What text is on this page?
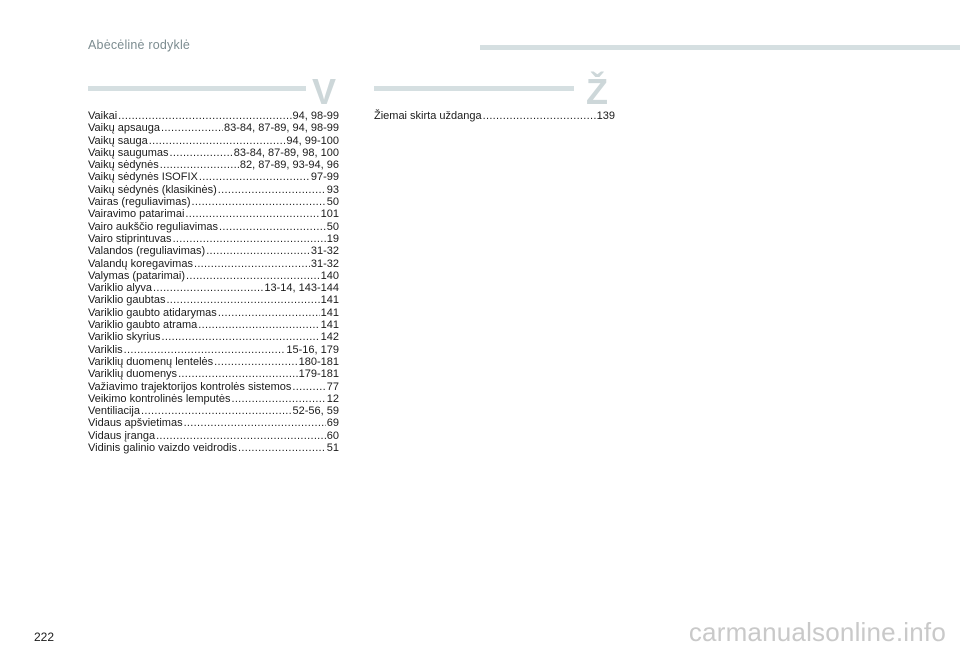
Abėcėlinė rodyklė
V
Vaikai .....	94, 98-99
Vaikų apsauga .....	83-84, 87-89, 94, 98-99
Vaikų sauga .....	94, 99-100
Vaikų saugumas .....	83-84, 87-89, 98, 100
Vaikų sėdynės .....	82, 87-89, 93-94, 96
Vaikų sėdynės ISOFIX .....	97-99
Vaikų sėdynės (klasikinės) .....	93
Vairas (reguliavimas) .....	50
Vairavimo patarimai .....	101
Vairo aukščio reguliavimas .....	50
Vairo stiprintuvas .....	19
Valandos (reguliavimas) .....	31-32
Valandų koregavimas .....	31-32
Valymas (patarimai) .....	140
Variklio alyva .....	13-14, 143-144
Variklio gaubtas .....	141
Variklio gaubto atidarymas .....	141
Variklio gaubto atrama .....	141
Variklio skyrius .....	142
Variklis .....	15-16, 179
Variklių duomenų lentelės .....	180-181
Variklių duomenys .....	179-181
Važiavimo trajektorijos kontrolės sistemos .....	77
Veikimo kontrolinės lemputės .....	12
Ventiliacija .....	52-56, 59
Vidaus apšvietimas .....	69
Vidaus įranga .....	60
Vidinis galinio vaizdo veidrodis .....	51
Ž
Žiemai skirta uždanga .....	139
222	carmanualsonline.info
